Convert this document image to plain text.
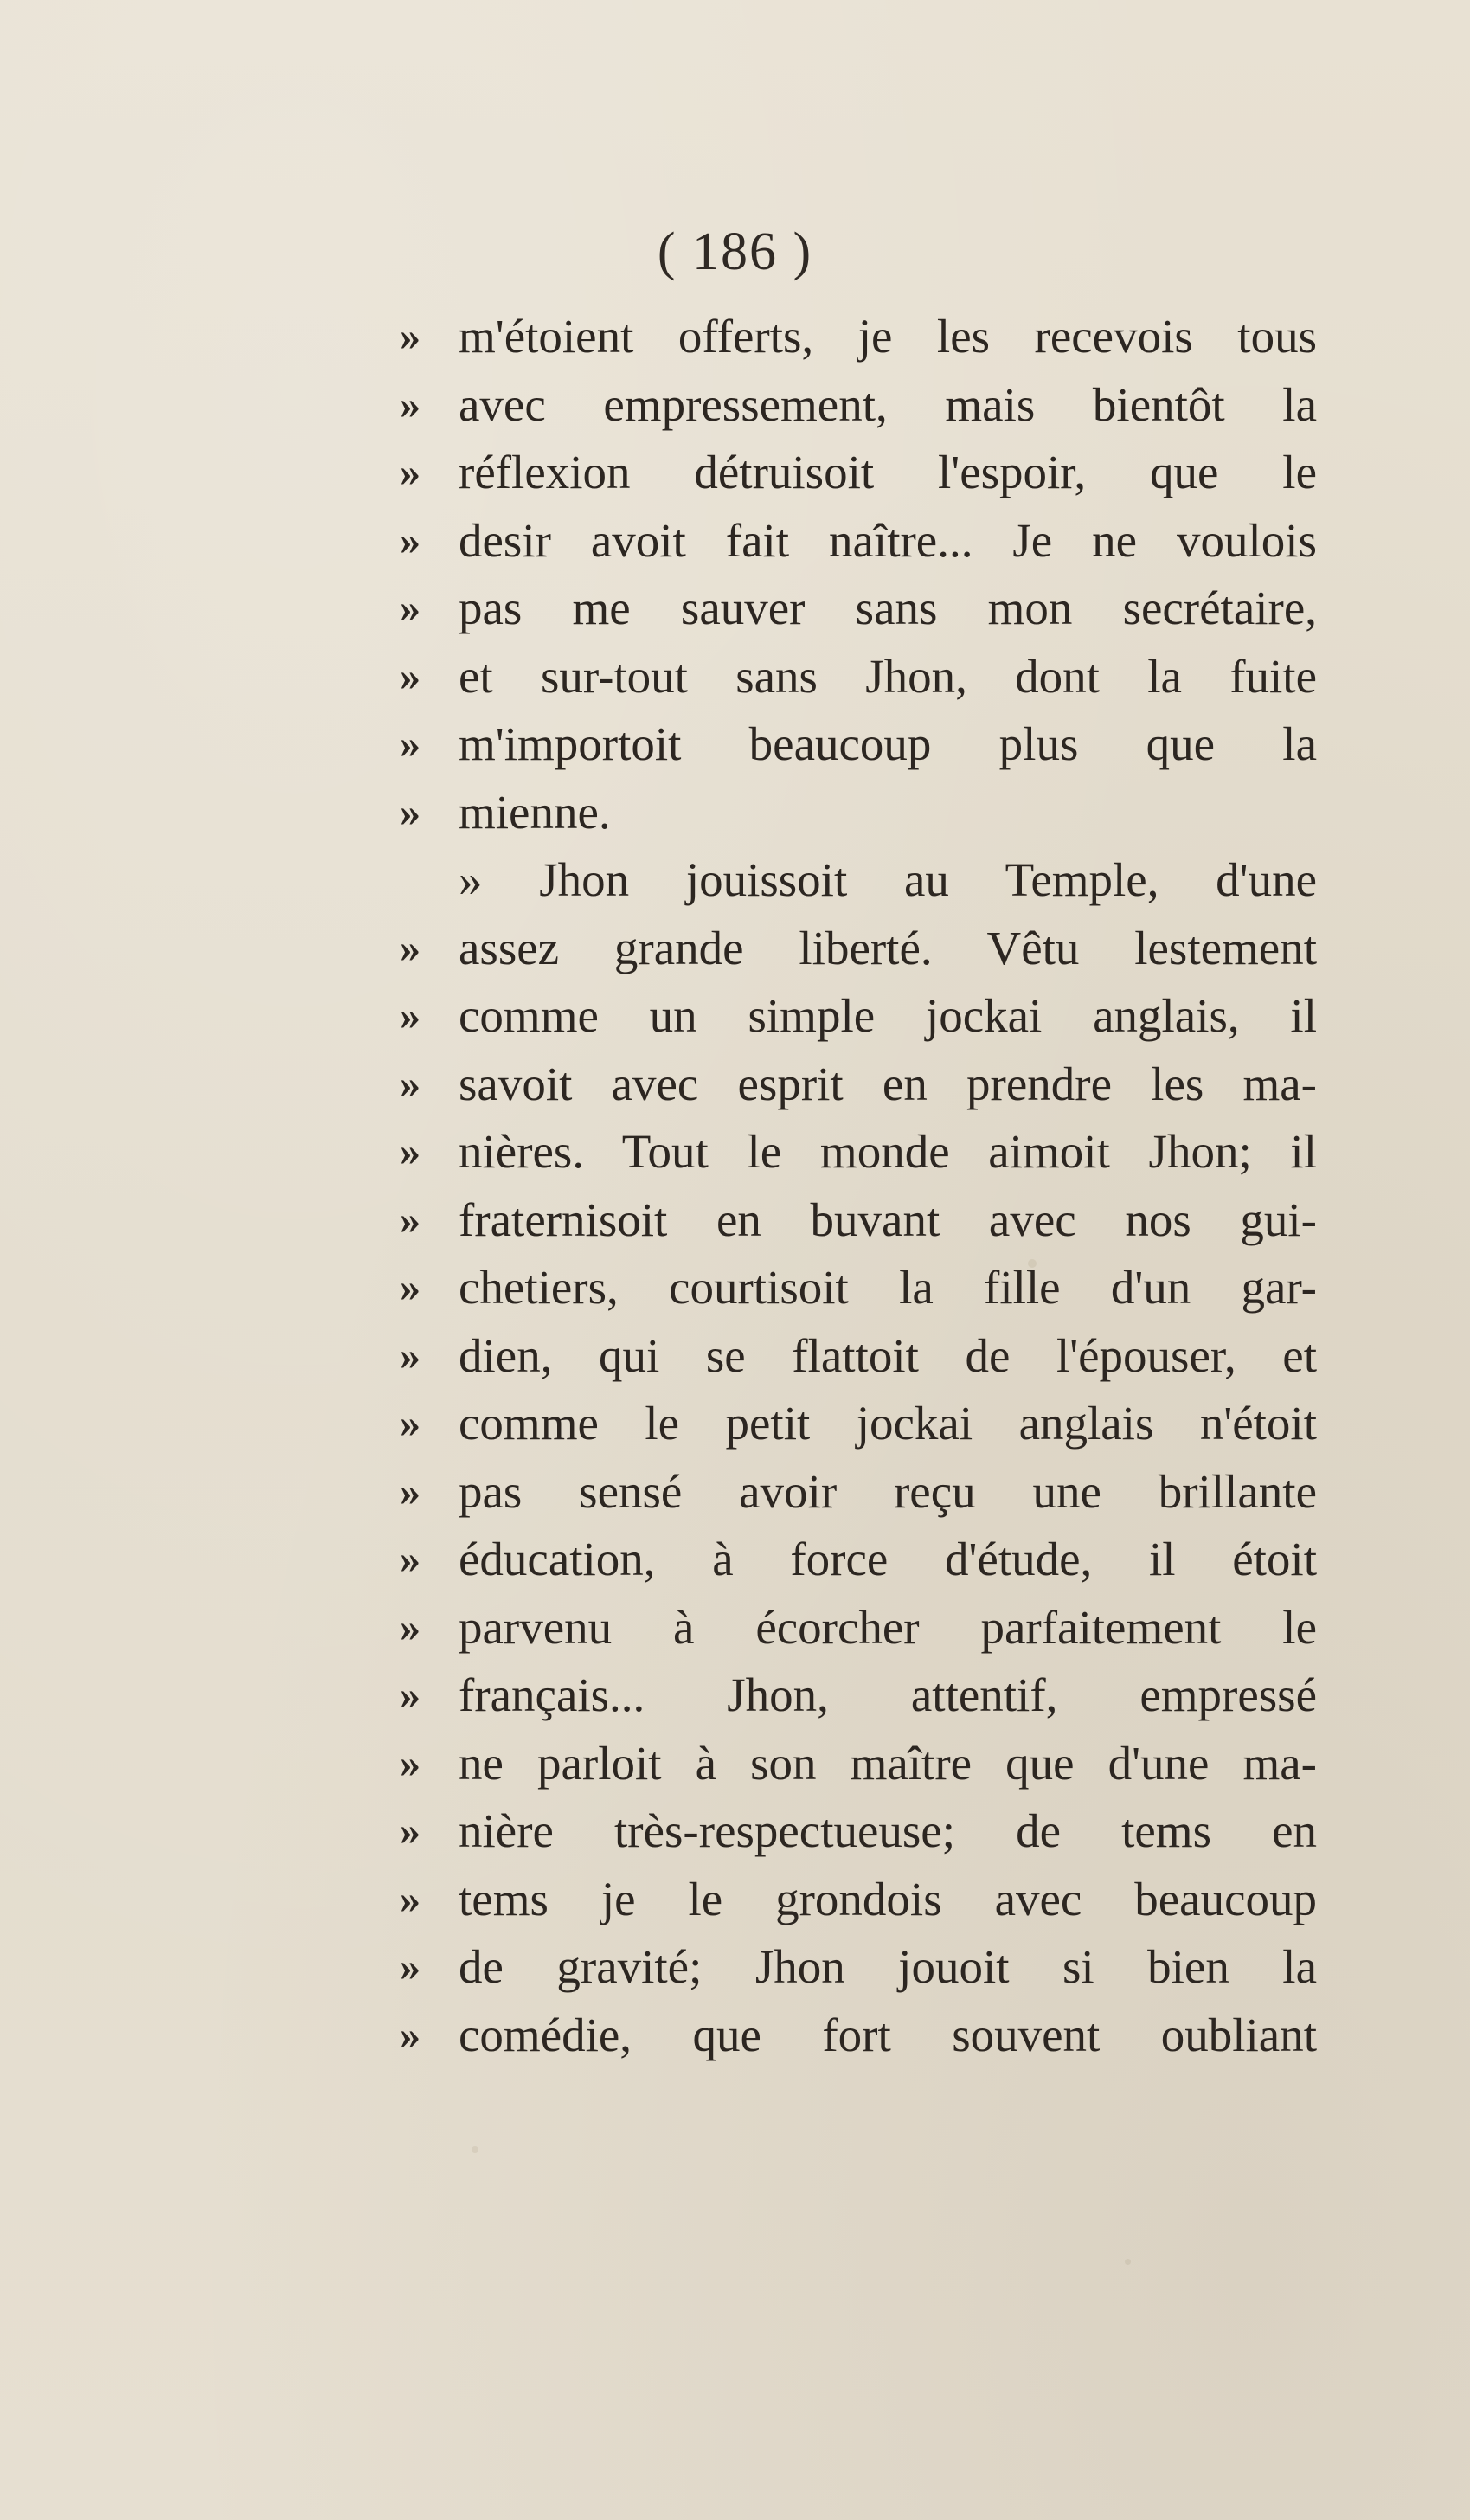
( 186 )
» m'étoient offerts, je les recevois tous
» avec empressement, mais bientôt la
» réflexion détruisoit l'espoir, que le
» desir avoit fait naître... Je ne voulois
» pas me sauver sans mon secrétaire,
» et sur-tout sans Jhon, dont la fuite
» m'importoit beaucoup plus que la
» mienne.
» Jhon jouissoit au Temple, d'une
» assez grande liberté. Vêtu lestement
» comme un simple jockai anglais, il
» savoit avec esprit en prendre les ma-
» nières. Tout le monde aimoit Jhon; il
» fraternisoit en buvant avec nos gui-
» chetiers, courtisoit la fille d'un gar-
» dien, qui se flattoit de l'épouser, et
» comme le petit jockai anglais n'étoit
» pas sensé avoir reçu une brillante
» éducation, à force d'étude, il étoit
» parvenu à écorcher parfaitement le
» français... Jhon, attentif, empressé
» ne parloit à son maître que d'une ma-
» nière très-respectueuse; de tems en
» tems je le grondois avec beaucoup
» de gravité; Jhon jouoit si bien la
» comédie, que fort souvent oubliant
